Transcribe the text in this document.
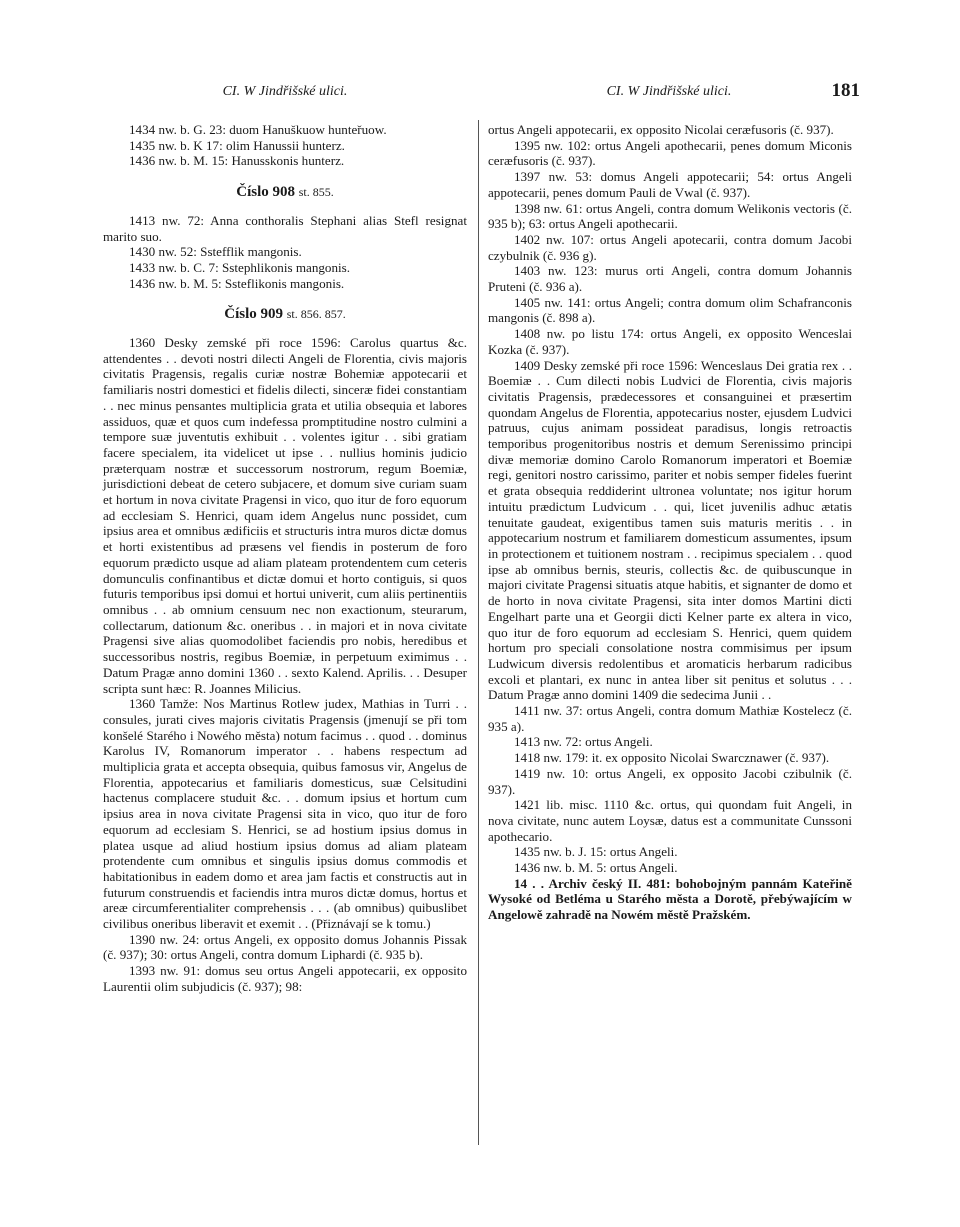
CI. W Jindřišské ulici.	CI. W Jindřišské ulici.	181
1434 nw. b. G. 23: duom Hanuškuow hunteřuow.
1435 nw. b. K 17: olim Hanussii hunterz.
1436 nw. b. M. 15: Hanusskonis hunterz.
Číslo 908 st. 855.

1413 nw. 72: Anna conthoralis Stephani alias Stefl resignat marito suo.

1430 nw. 52: Sstefflik mangonis.
1433 nw. b. C. 7: Sstephlikonis mangonis.
1436 nw. b. M. 5: Ssteflikonis mangonis.
Číslo 909 st. 856. 857.

1360 Desky zemské při roce 1596: Carolus quartus &c. attendentes . . devoti nostri dilecti Angeli de Florentia, civis majoris civitatis Pragensis, regalis curiæ nostræ Bohemiæ appotecarii et familiaris nostri domestici et fidelis dilecti, sinceræ fidei constantiam . . nec minus pensantes multiplicia grata et utilia obsequia et labores assiduos, quæ et quos cum indefessa promptitudine nostro culmini a tempore suæ juventutis exhibuit . . volentes igitur . . sibi gratiam facere specialem, ita videlicet ut ipse . . nullius hominis judicio præterquam nostræ et successorum nostrorum, regum Boemiæ, jurisdictioni debeat de cetero subjacere, et domum sive curiam suam et hortum in nova civitate Pragensi in vico, quo itur de foro equorum ad ecclesiam S. Henrici, quam idem Angelus nunc possidet, cum ipsius area et omnibus ædificiis et structuris intra muros dictæ domus et horti existentibus ad præsens vel fiendis in posterum de foro equorum prædicto usque ad aliam plateam protendentem cum ceteris domunculis confinantibus et dictæ domui et horto contiguis, si quos futuris temporibus ipsi domui et hortui univerit, cum aliis pertinentiis omnibus . . ab omnium censuum nec non exactionum, steurarum, collectarum, dationum &c. oneribus . . in majori et in nova civitate Pragensi sive alias quomodolibet faciendis pro nobis, heredibus et successoribus nostris, regibus Boemiæ, in perpetuum eximimus . . Datum Pragæ anno domini 1360 . . sexto Kalend. Aprilis. . . Desuper scripta sunt hæc: R. Joannes Milicius.

1360 Tamže: Nos Martinus Rotlew judex, Mathias in Turri . . consules, jurati cives majoris civitatis Pragensis (jmenují se při tom konšelé Starého i Nowého města) notum facimus . . quod . . dominus Karolus IV, Romanorum imperator . . habens respectum ad multiplicia grata et accepta obsequia, quibus famosus vir, Angelus de Florentia, appotecarius et familiaris domesticus, suæ Celsitudini hactenus complacere studuit &c. . . domum ipsius et hortum cum ipsius area in nova civitate Pragensi sita in vico, quo itur de foro equorum ad ecclesiam S. Henrici, se ad hostium ipsius domus in platea usque ad aliud hostium ipsius domus ad aliam plateam protendente cum omnibus et singulis ipsius domus commodis et habitationibus in eadem domo et area jam factis et constructis aut in futurum construendis et faciendis intra muros dictæ domus, hortus et areæ circumferentialiter comprehensis . . . (ab omnibus) quibuslibet civilibus oneribus liberavit et exemit . . (Přiznávají se k tomu.)

1390 nw. 24: ortus Angeli, ex opposito domus Johannis Pissak (č. 937); 30: ortus Angeli, contra domum Liphardi (č. 935 b).

1393 nw. 91: domus seu ortus Angeli appotecarii, ex opposito Laurentii olim subjudicis (č. 937); 98:

ortus Angeli appotecarii, ex opposito Nicolai ceræfusoris (č. 937).

1395 nw. 102: ortus Angeli apothecarii, penes domum Miconis ceræfusoris (č. 937).

1397 nw. 53: domus Angeli appotecarii; 54: ortus Angeli appotecarii, penes domum Pauli de Vwal (č. 937).

1398 nw. 61: ortus Angeli, contra domum Welikonis vectoris (č. 935 b); 63: ortus Angeli apothecarii.

1402 nw. 107: ortus Angeli apotecarii, contra domum Jacobi czybulnik (č. 936 g).

1403 nw. 123: murus orti Angeli, contra domum Johannis Pruteni (č. 936 a).

1405 nw. 141: ortus Angeli; contra domum olim Schafranconis mangonis (č. 898 a).

1408 nw. po listu 174: ortus Angeli, ex opposito Wenceslai Kozka (č. 937).

1409 Desky zemské při roce 1596: Wenceslaus Dei gratia rex . . Boemiæ . . Cum dilecti nobis Ludvici de Florentia, civis majoris civitatis Pragensis, prædecessores et consanguinei et præsertim quondam Angelus de Florentia, appotecarius noster, ejusdem Ludvici patruus, cujus animam possideat paradisus, longis retroactis temporibus progenitoribus nostris et demum Serenissimo principi divæ memoriæ domino Carolo Romanorum imperatori et Boemiæ regi, genitori nostro carissimo, pariter et nobis semper fideles fuerint et grata obsequia reddiderint ultronea voluntate; nos igitur horum intuitu prædictum Ludvicum . . qui, licet juvenilis adhuc ætatis tenuitate gaudeat, exigentibus tamen suis maturis meritis . . in appotecarium nostrum et familiarem domesticum assumentes, ipsum in protectionem et tuitionem nostram . . recipimus specialem . . quod ipse ab omnibus bernis, steuris, collectis &c. de quibuscunque in majori civitate Pragensi situatis atque habitis, et signanter de domo et de horto in nova civitate Pragensi, sita inter domos Martini dicti Engelhart parte una et Georgii dicti Kelner parte ex altera in vico, quo itur de foro equorum ad ecclesiam S. Henrici, quem quidem hortum pro speciali consolatione nostra commisimus per ipsum Ludwicum diversis redolentibus et aromaticis herbarum radicibus excoli et plantari, ex nunc in antea liber sit penitus et solutus . . . Datum Pragæ anno domini 1409 die sedecima Junii . .

1411 nw. 37: ortus Angeli, contra domum Mathiæ Kostelecz (č. 935 a).

1413 nw. 72: ortus Angeli.

1418 nw. 179: it. ex opposito Nicolai Swarcznawer (č. 937).

1419 nw. 10: ortus Angeli, ex opposito Jacobi czibulnik (č. 937).

1421 lib. misc. 1110 &c. ortus, qui quondam fuit Angeli, in nova civitate, nunc autem Loysæ, datus est a communitate Cunssoni apothecario.

1435 nw. b. J. 15: ortus Angeli.

1436 nw. b. M. 5: ortus Angeli.

14 . . Archiv český II. 481: bohobojným pannám Kateřině Wysoké od Betléma u Starého města a Dorotě, přebýwajícím w Angelowě zahradě na Nowém městě Pražském.
